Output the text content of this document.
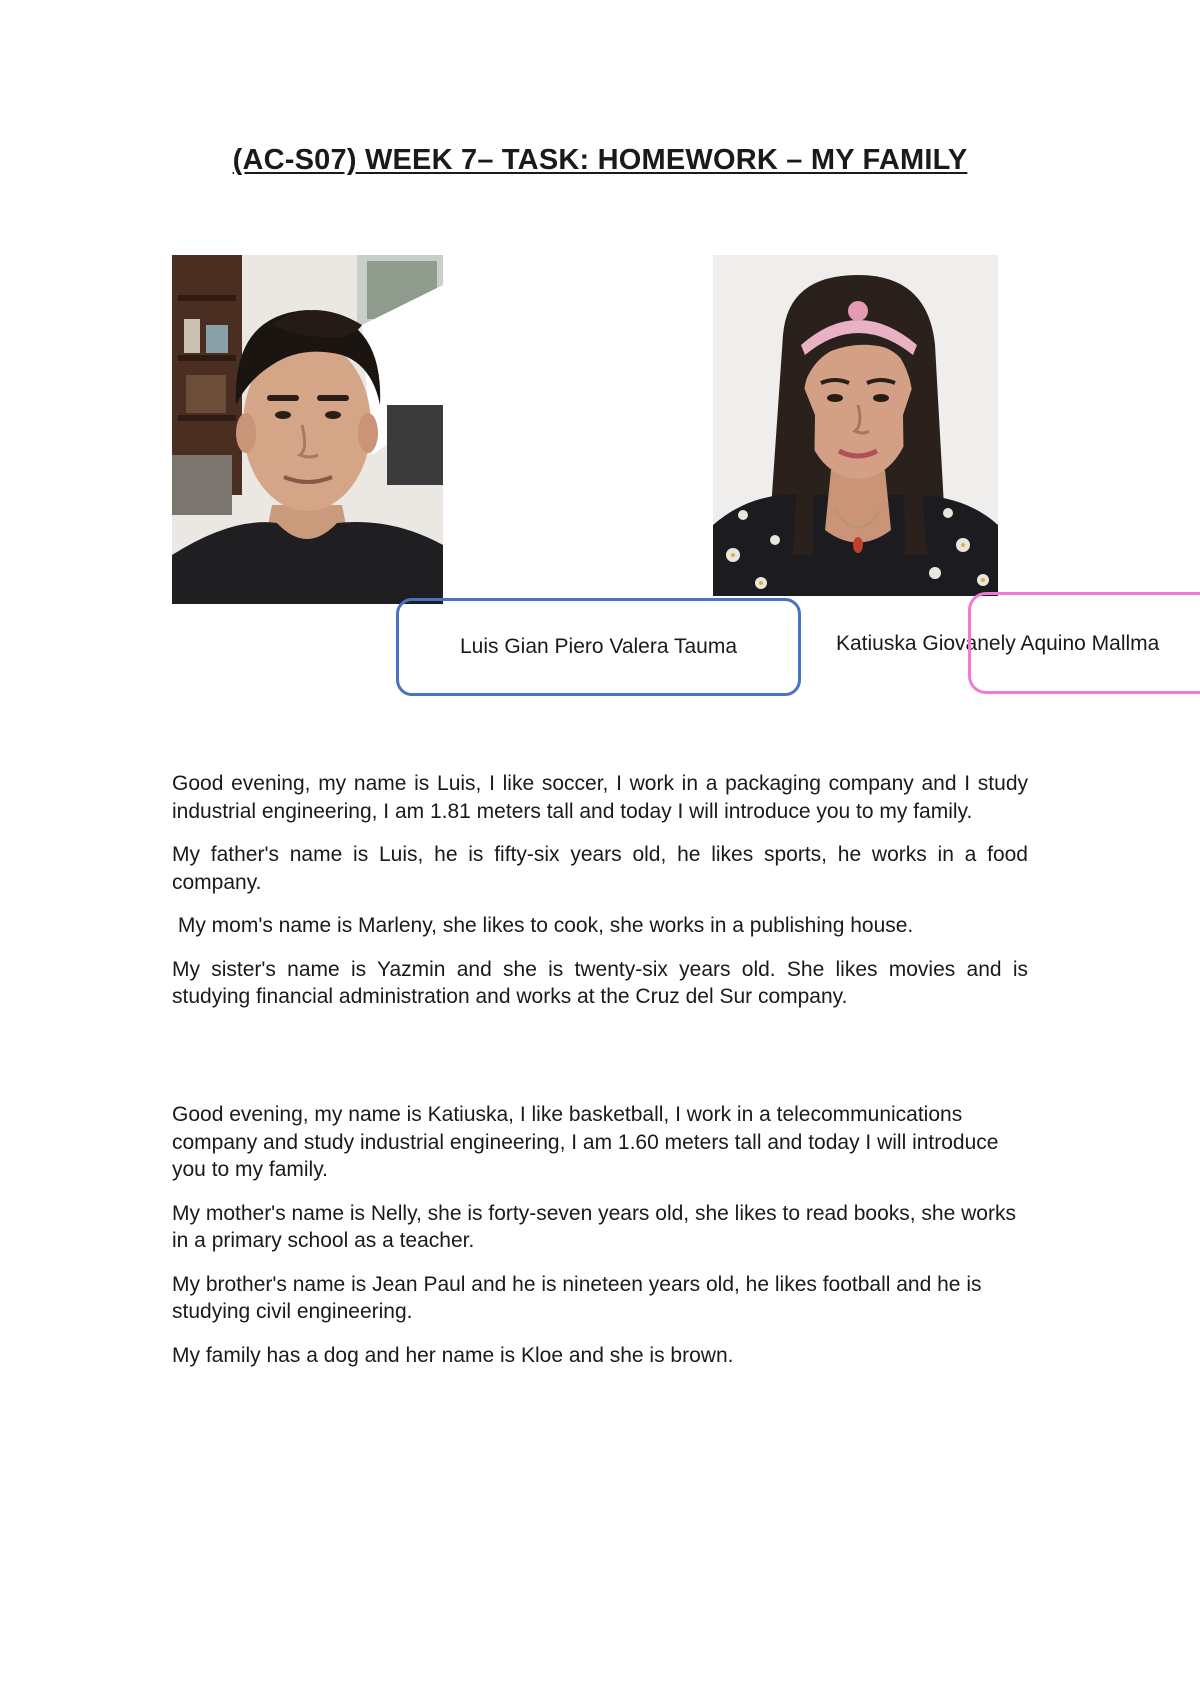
(AC-S07) WEEK 7– TASK: HOMEWORK – MY FAMILY
Luis Gian Piero Valera Tauma	Katiuska Giovanely Aquino Mallma

Good evening, my name is Luis, I like soccer, I work in a packaging company and I study industrial engineering, I am 1.81 meters tall and today I will introduce you to my family.

My father's name is Luis, he is fifty-six years old, he likes sports, he works in a food company.

My mom's name is Marleny, she likes to cook, she works in a publishing house.

My sister's name is Yazmin and she is twenty-six years old. She likes movies and is studying financial administration and works at the Cruz del Sur company.

Good evening, my name is Katiuska, I like basketball, I work in a telecommunications company and study industrial engineering, I am 1.60 meters tall and today I will introduce you to my family.

My mother's name is Nelly, she is forty-seven years old, she likes to read books, she works in a primary school as a teacher.

My brother's name is Jean Paul and he is nineteen years old, he likes football and he is studying civil engineering.

My family has a dog and her name is Kloe and she is brown.
